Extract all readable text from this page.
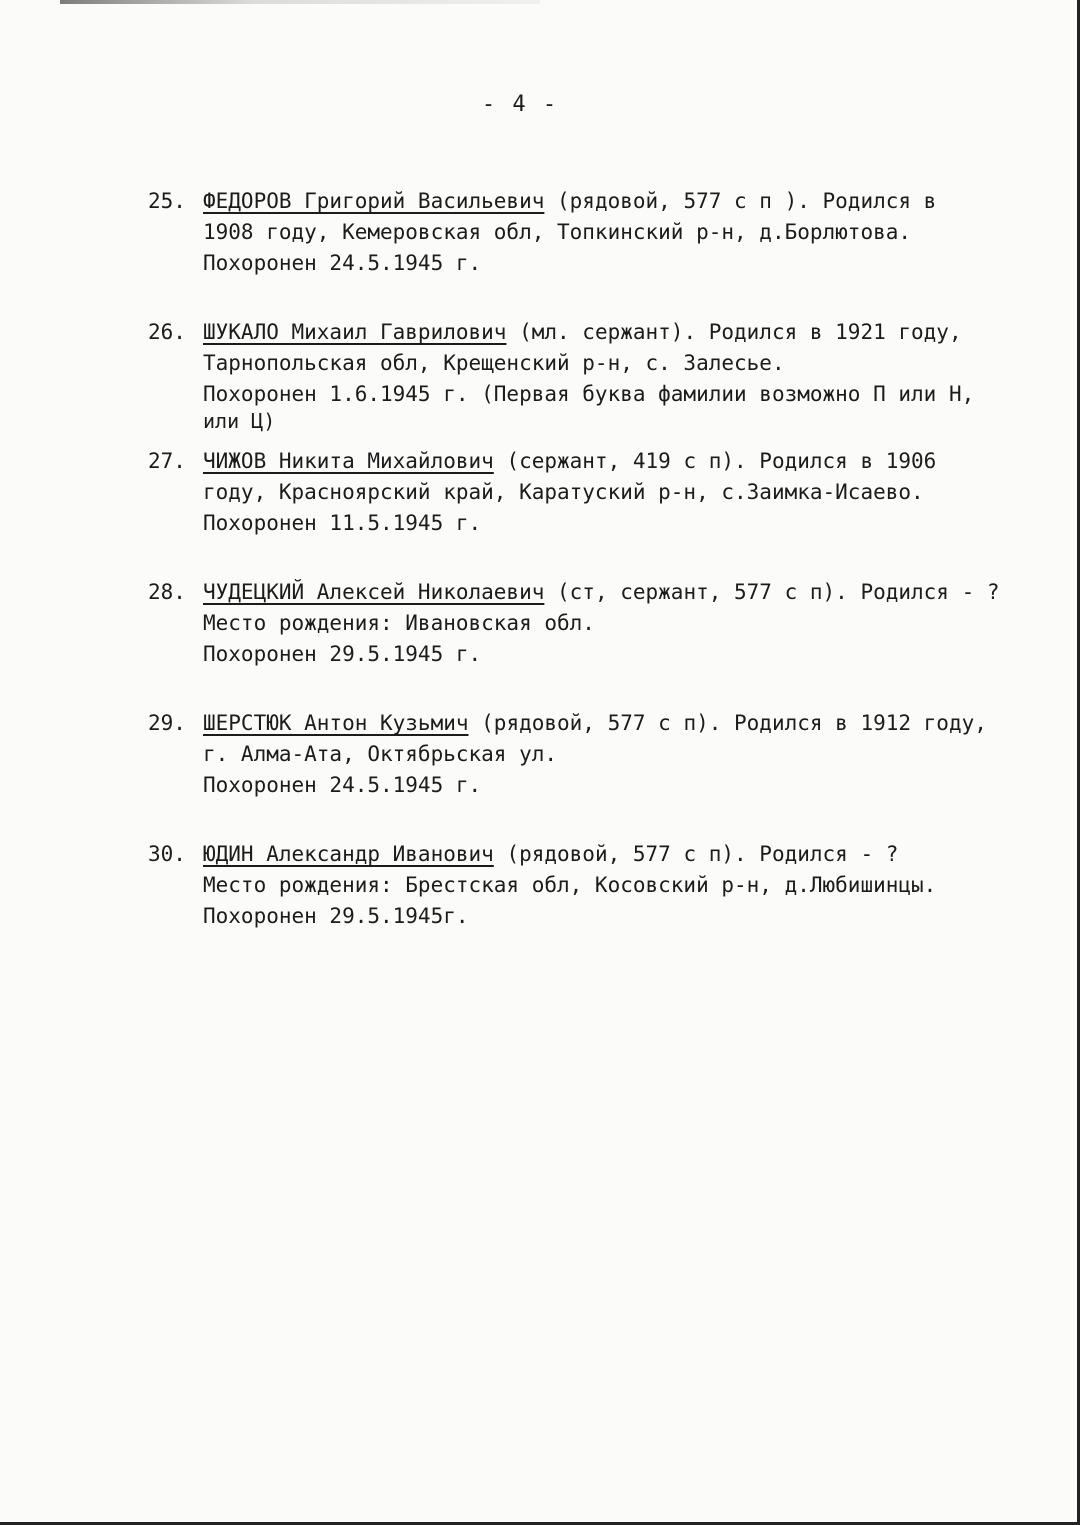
- 4 -
25. ФЕДОРОВ Григорий Васильевич (рядовой, 577 с п ). Родился в
1908 году, Кемеровская обл, Топкинский р-н, д.Борлютова.
Похоронен 24.5.1945 г.
26. ШУКАЛО Михаил Гаврилович (мл. сержант). Родился в 1921 году,
Тарнопольская обл, Крещенский р-н, с. Залесье.
Похоронен 1.6.1945 г. (Первая буква фамилии возможно П или Н,
или Ц)
27. ЧИЖОВ Никита Михайлович (сержант, 419 с п). Родился в 1906
году, Красноярский край, Каратуский р-н, с.Заимка-Исаево.
Похоронен 11.5.1945 г.
28. ЧУДЕЦКИЙ Алексей Николаевич (ст, сержант, 577 с п). Родился - ?
Место рождения: Ивановская обл.
Похоронен 29.5.1945 г.
29. ШЕРСТЮК Антон Кузьмич (рядовой, 577 с п). Родился в 1912 году,
г. Алма-Ата, Октябрьская ул.
Похоронен 24.5.1945 г.
30. ЮДИН Александр Иванович (рядовой, 577 с п). Родился - ?
Место рождения: Брестская обл, Косовский р-н, д.Любишинцы.
Похоронен 29.5.1945г.
